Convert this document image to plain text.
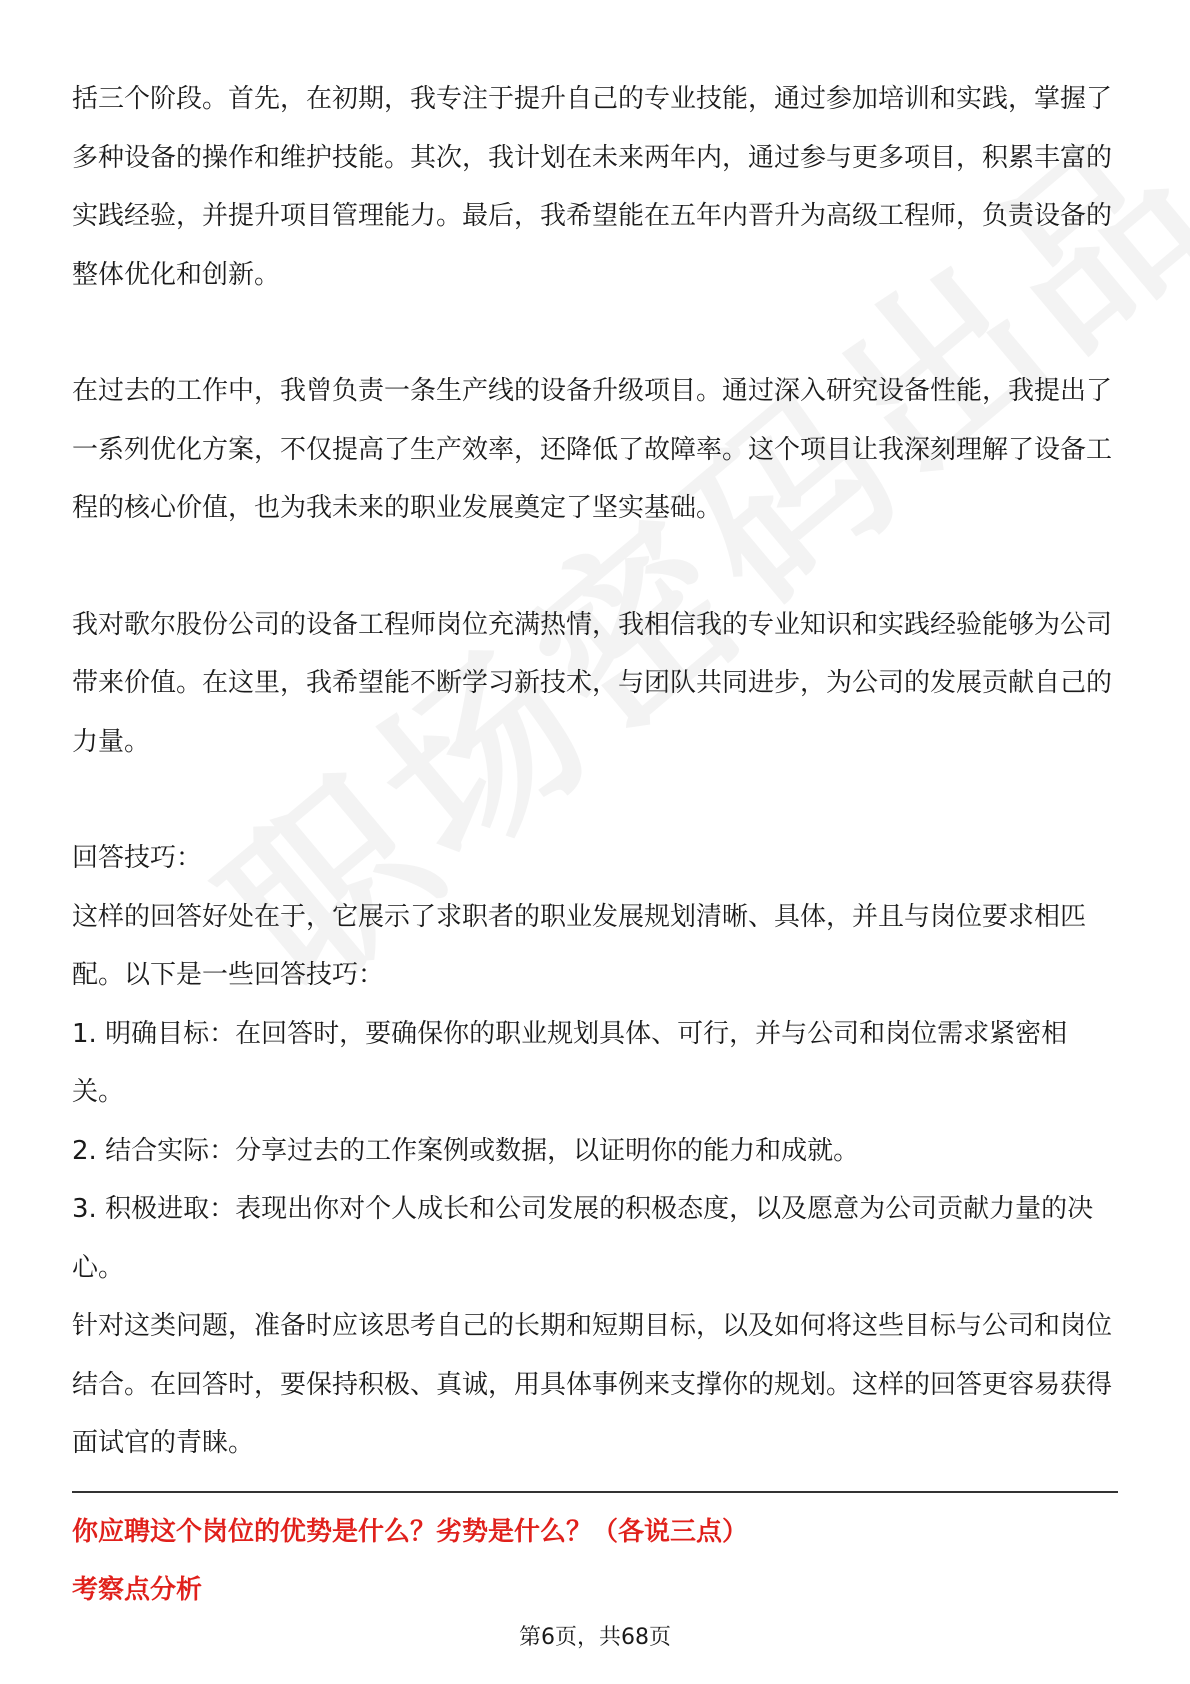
括三个阶段。首先，在初期，我专注于提升自己的专业技能，通过参加培训和实践，掌握了多种设备的操作和维护技能。其次，我计划在未来两年内，通过参与更多项目，积累丰富的实践经验，并提升项目管理能力。最后，我希望能在五年内晋升为高级工程师，负责设备的整体优化和创新。

在过去的工作中，我曾负责一条生产线的设备升级项目。通过深入研究设备性能，我提出了一系列优化方案，不仅提高了生产效率，还降低了故障率。这个项目让我深刻理解了设备工程的核心价值，也为我未来的职业发展奠定了坚实基础。

我对歌尔股份公司的设备工程师岗位充满热情，我相信我的专业知识和实践经验能够为公司带来价值。在这里，我希望能不断学习新技术，与团队共同进步，为公司的发展贡献自己的力量。

回答技巧：

这样的回答好处在于，它展示了求职者的职业发展规划清晰、具体，并且与岗位要求相匹配。以下是一些回答技巧：

1. 明确目标：在回答时，要确保你的职业规划具体、可行，并与公司和岗位需求紧密相关。

2. 结合实际：分享过去的工作案例或数据，以证明你的能力和成就。

3. 积极进取：表现出你对个人成长和公司发展的积极态度，以及愿意为公司贡献力量的决心。

针对这类问题，准备时应该思考自己的长期和短期目标，以及如何将这些目标与公司和岗位结合。在回答时，要保持积极、真诚，用具体事例来支撑你的规划。这样的回答更容易获得面试官的青睐。

你应聘这个岗位的优势是什么？劣势是什么？（各说三点）

考察点分析

第6页，共68页
